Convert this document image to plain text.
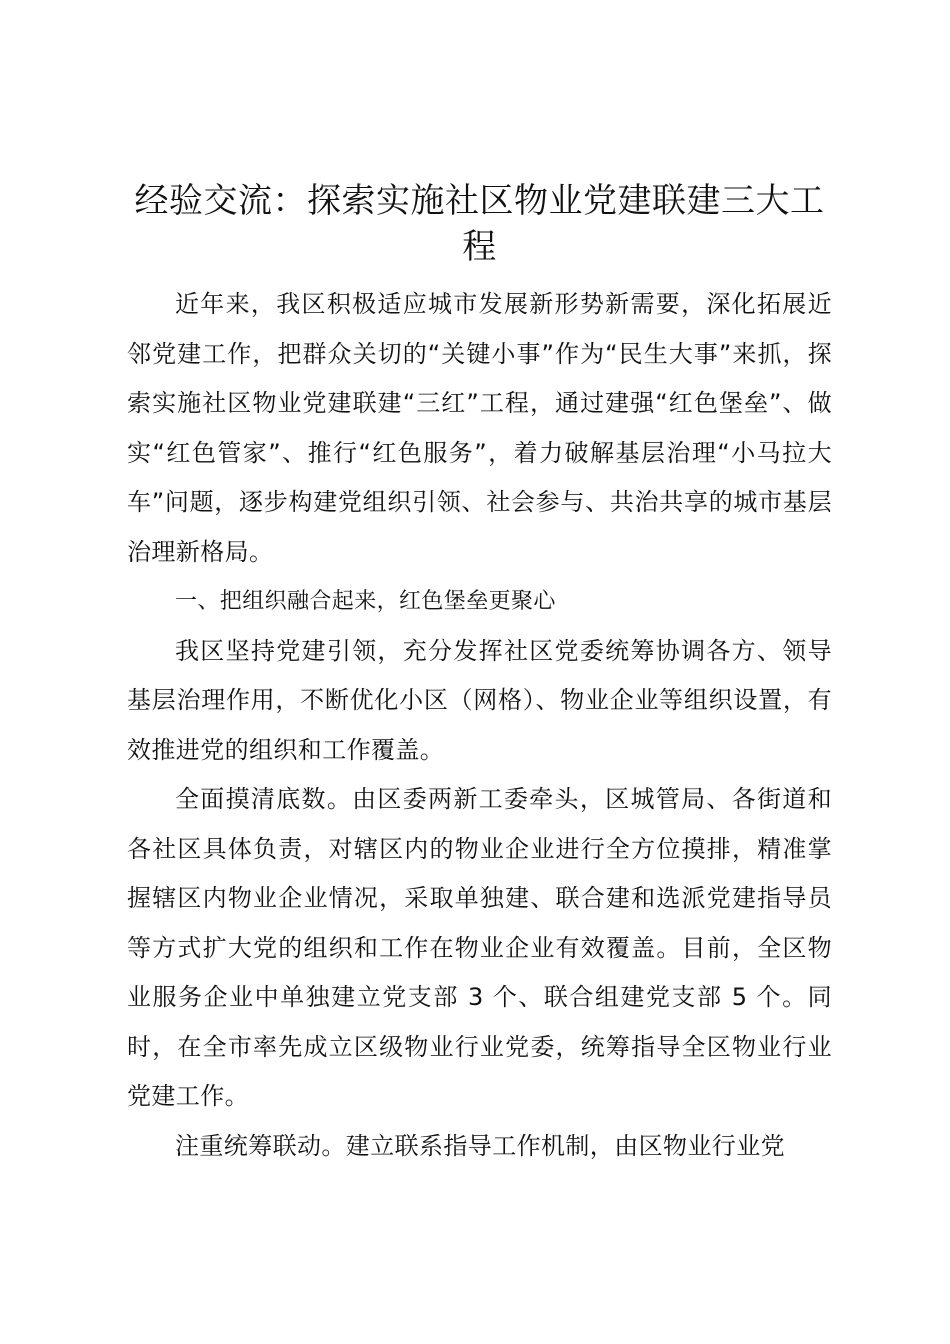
经验交流：探索实施社区物业党建联建三大工程

近年来，我区积极适应城市发展新形势新需要，深化拓展近邻党建工作，把群众关切的“关键小事”作为“民生大事”来抓，探索实施社区物业党建联建“三红”工程，通过建强“红色堡垒”、做实“红色管家”、推行“红色服务”，着力破解基层治理“小马拉大车”问题，逐步构建党组织引领、社会参与、共治共享的城市基层治理新格局。

一、把组织融合起来，红色堡垒更聚心

我区坚持党建引领，充分发挥社区党委统筹协调各方、领导基层治理作用，不断优化小区（网格）、物业企业等组织设置，有效推进党的组织和工作覆盖。

全面摸清底数。由区委两新工委牵头，区城管局、各街道和各社区具体负责，对辖区内的物业企业进行全方位摸排，精准掌握辖区内物业企业情况，采取单独建、联合建和选派党建指导员等方式扩大党的组织和工作在物业企业有效覆盖。目前，全区物业服务企业中单独建立党支部 3 个、联合组建党支部 5 个。同时，在全市率先成立区级物业行业党委，统筹指导全区物业行业党建工作。

注重统筹联动。建立联系指导工作机制，由区物业行业党
